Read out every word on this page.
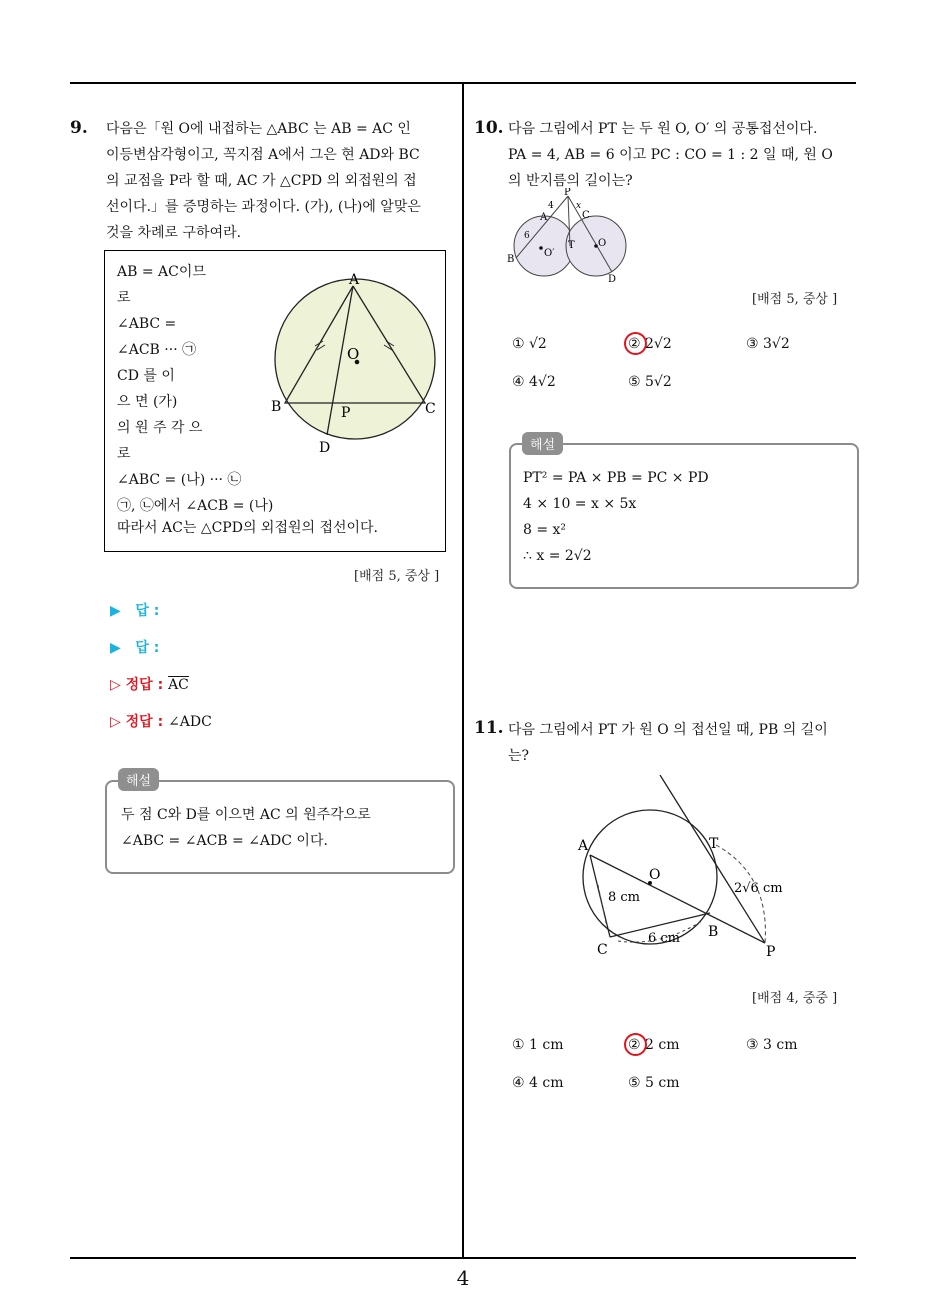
9. 다음은「원 O에 내접하는 △ABC 는 AB = AC 인
이등변삼각형이고, 꼭지점 A에서 그은 현 AD와 BC
의 교점을 P라 할 때, AC 가 △CPD 의 외접원의 접
선이다.」를 증명하는 과정이다. (가), (나)에 알맞은
것을 차례로 구하여라.
AB = AC이므
로
∠ABC =
∠ACB ··· ㉠
CD 를 이
으 면 (가)
의 원 주 각 으
로
∠ABC = (나) ··· ㉡
㉠, ㉡에서 ∠ACB = (나)
따라서 AC는 △CPD의 외접원의 접선이다.
A
B	C
D
O
P
[배점 5, 중상 ]
▶ 답 :
▶ 답 :
▷ 정답 : $\overline{AC}$
▷ 정답 : ∠ADC
두 점 C와 D를 이으면 AC 의 원주각으로
∠ABC = ∠ACB = ∠ADC 이다.
해설
10. 다음 그림에서 PT 는 두 원 O, O′ 의 공통접선이다.
PA = 4, AB = 6 이고 PC : CO = 1 : 2 일 때, 원 O
의 반지름의 길이는?
P
A
B
C
T O
O′
D
4
6
x
[배점 5, 중상 ]
① √2	② 2√2	③ 3√2
④ 4√2	⑤ 5√2
PT² = PA × PB = PC × PD
4 × 10 = x × 5x
8 = x²
∴ x = 2√2
해설
11. 다음 그림에서 PT 가 원 O 의 접선일 때, PB 의 길이
는?
A	T
O
C
B
P
8 cm
6 cm
2√6 cm
[배점 4, 중중 ]
① 1 cm	② 2 cm	③ 3 cm
④ 4 cm	⑤ 5 cm
4
